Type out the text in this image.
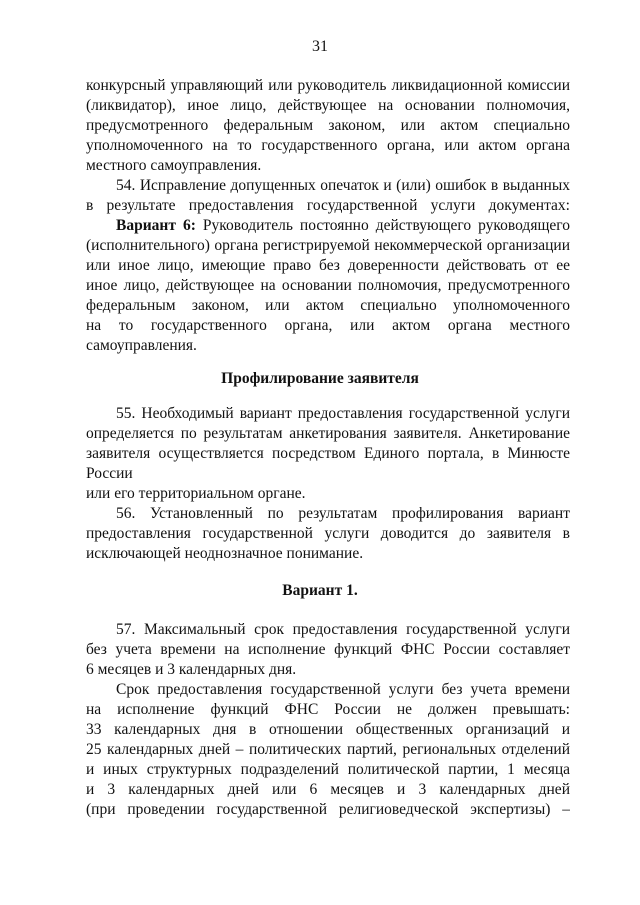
31
конкурсный управляющий или руководитель ликвидационной комиссии
(ликвидатор), иное лицо, действующее на основании полномочия,
предусмотренного федеральным законом, или актом специально
уполномоченного на то государственного органа, или актом органа
местного самоуправления.
54. Исправление допущенных опечаток и (или) ошибок в выданных
в результате предоставления государственной услуги документах:
Вариант 6: Руководитель постоянно действующего руководящего
(исполнительного) органа регистрируемой некоммерческой организации
или иное лицо, имеющие право без доверенности действовать от ее
иное лицо, действующее на основании полномочия, предусмотренного
федеральным законом, или актом специально уполномоченного
на то государственного органа, или актом органа местного
самоуправления.
Профилирование заявителя
55. Необходимый вариант предоставления государственной услуги
определяется по результатам анкетирования заявителя. Анкетирование
заявителя осуществляется посредством Единого портала, в Минюсте
России
или его территориальном органе.
56. Установленный по результатам профилирования вариант
предоставления государственной услуги доводится до заявителя в
исключающей неоднозначное понимание.
Вариант 1.
57. Максимальный срок предоставления государственной услуги
без учета времени на исполнение функций ФНС России составляет
6 месяцев и 3 календарных дня.
Срок предоставления государственной услуги без учета времени
на исполнение функций ФНС России не должен превышать:
33 календарных дня в отношении общественных организаций и
25 календарных дней – политических партий, региональных отделений
и иных структурных подразделений политической партии, 1 месяца
и 3 календарных дней или 6 месяцев и 3 календарных дней
(при проведении государственной религиоведческой экспертизы) –
